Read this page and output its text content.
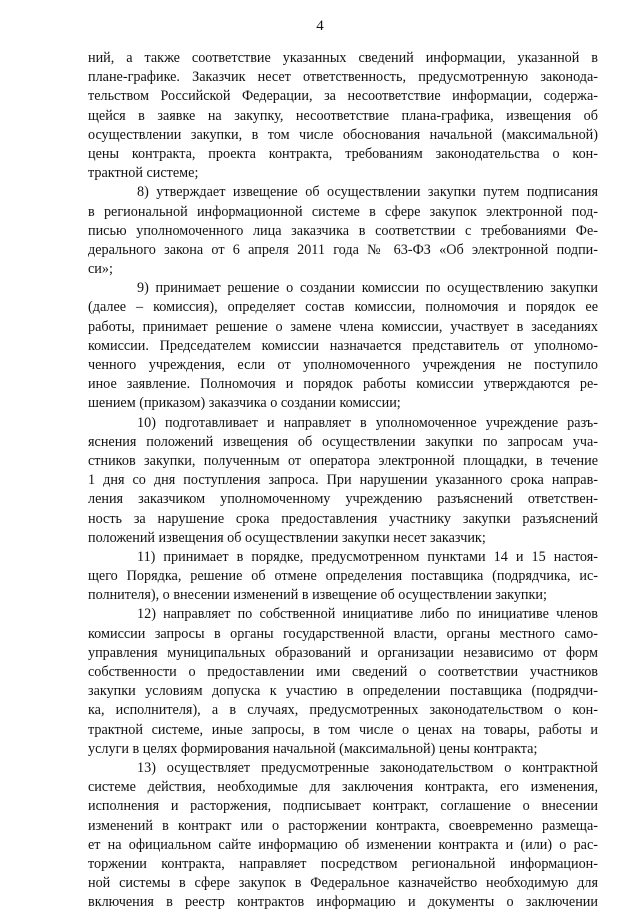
4
ний, а также соответствие указанных сведений информации, указанной в
плане-графике. Заказчик несет ответственность, предусмотренную законода-
тельством Российской Федерации, за несоответствие информации, содержа-
щейся в заявке на закупку, несоответствие плана-графика, извещения об
осуществлении закупки, в том числе обоснования начальной (максимальной)
цены контракта, проекта контракта, требованиям законодательства о кон-
трактной системе;
8) утверждает извещение об осуществлении закупки путем подписания
в региональной информационной системе в сфере закупок электронной под-
писью уполномоченного лица заказчика в соответствии с требованиями Фе-
дерального закона от 6 апреля 2011 года № 63-ФЗ «Об электронной подпи-
си»;
9) принимает решение о создании комиссии по осуществлению закупки
(далее – комиссия), определяет состав комиссии, полномочия и порядок ее
работы, принимает решение о замене члена комиссии, участвует в заседаниях
комиссии. Председателем комиссии назначается представитель от уполномо-
ченного учреждения, если от уполномоченного учреждения не поступило
иное заявление. Полномочия и порядок работы комиссии утверждаются ре-
шением (приказом) заказчика о создании комиссии;
10) подготавливает и направляет в уполномоченное учреждение разъ-
яснения положений извещения об осуществлении закупки по запросам уча-
стников закупки, полученным от оператора электронной площадки, в течение
1 дня со дня поступления запроса. При нарушении указанного срока направ-
ления заказчиком уполномоченному учреждению разъяснений ответствен-
ность за нарушение срока предоставления участнику закупки разъяснений
положений извещения об осуществлении закупки несет заказчик;
11) принимает в порядке, предусмотренном пунктами 14 и 15 настоя-
щего Порядка, решение об отмене определения поставщика (подрядчика, ис-
полнителя), о внесении изменений в извещение об осуществлении закупки;
12) направляет по собственной инициативе либо по инициативе членов
комиссии запросы в органы государственной власти, органы местного само-
управления муниципальных образований и организации независимо от форм
собственности о предоставлении ими сведений о соответствии участников
закупки условиям допуска к участию в определении поставщика (подрядчи-
ка, исполнителя), а в случаях, предусмотренных законодательством о кон-
трактной системе, иные запросы, в том числе о ценах на товары, работы и
услуги в целях формирования начальной (максимальной) цены контракта;
13) осуществляет предусмотренные законодательством о контрактной
системе действия, необходимые для заключения контракта, его изменения,
исполнения и расторжения, подписывает контракт, соглашение о внесении
изменений в контракт или о расторжении контракта, своевременно размеща-
ет на официальном сайте информацию об изменении контракта и (или) о рас-
торжении контракта, направляет посредством региональной информацион-
ной системы в сфере закупок в Федеральное казначейство необходимую для
включения в реестр контрактов информацию и документы о заключении
